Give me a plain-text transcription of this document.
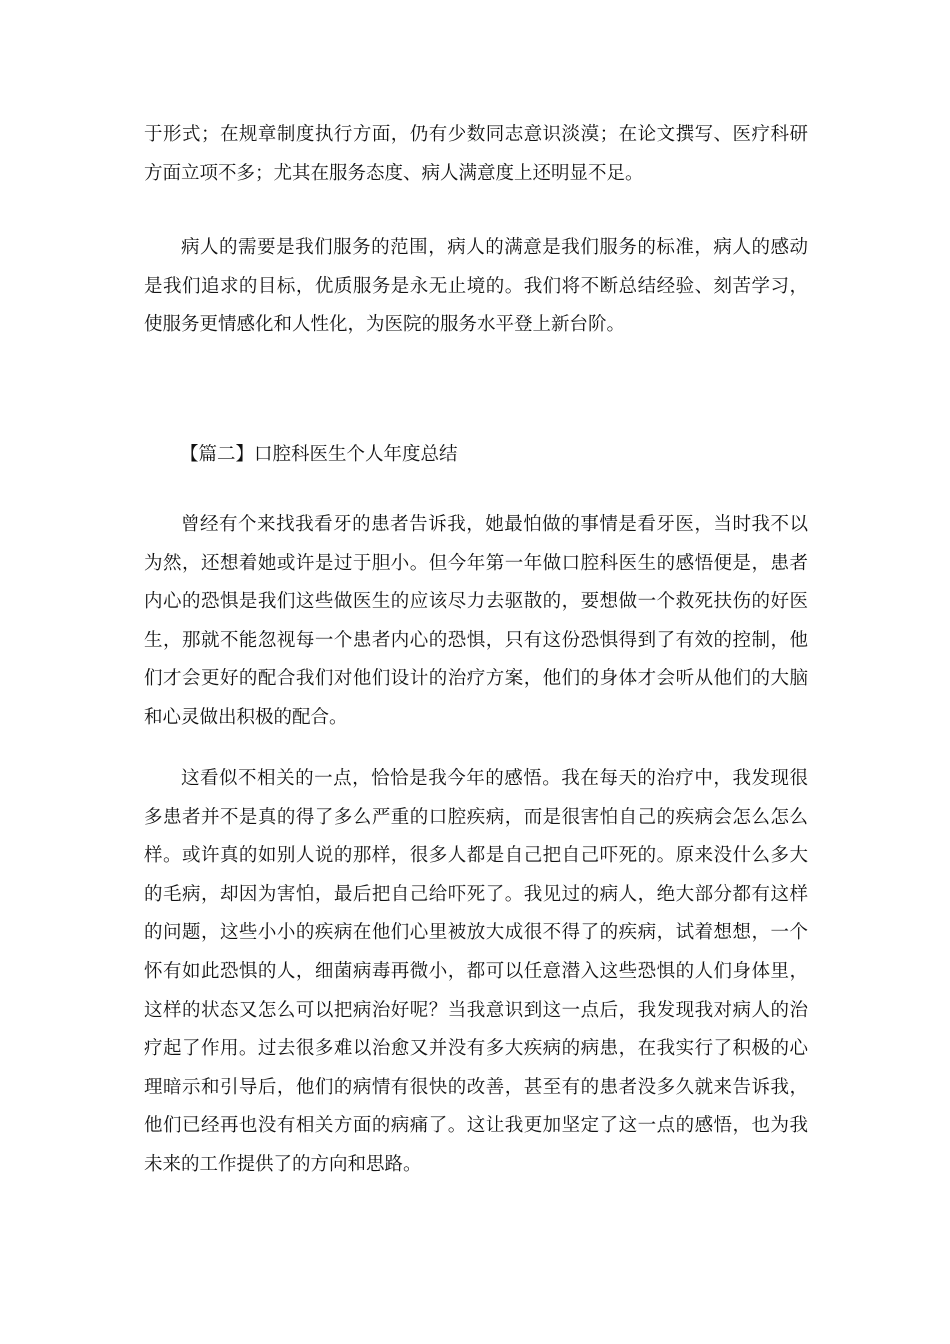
于形式；在规章制度执行方面，仍有少数同志意识淡漠；在论文撰写、医疗科研方面立项不多；尤其在服务态度、病人满意度上还明显不足。

病人的需要是我们服务的范围，病人的满意是我们服务的标准，病人的感动是我们追求的目标，优质服务是永无止境的。我们将不断总结经验、刻苦学习，使服务更情感化和人性化，为医院的服务水平登上新台阶。

【篇二】口腔科医生个人年度总结

曾经有个来找我看牙的患者告诉我，她最怕做的事情是看牙医，当时我不以为然，还想着她或许是过于胆小。但今年第一年做口腔科医生的感悟便是，患者内心的恐惧是我们这些做医生的应该尽力去驱散的，要想做一个救死扶伤的好医生，那就不能忽视每一个患者内心的恐惧，只有这份恐惧得到了有效的控制，他们才会更好的配合我们对他们设计的治疗方案，他们的身体才会听从他们的大脑和心灵做出积极的配合。

这看似不相关的一点，恰恰是我今年的感悟。我在每天的治疗中，我发现很多患者并不是真的得了多么严重的口腔疾病，而是很害怕自己的疾病会怎么怎么样。或许真的如别人说的那样，很多人都是自己把自己吓死的。原来没什么多大的毛病，却因为害怕，最后把自己给吓死了。我见过的病人，绝大部分都有这样的问题，这些小小的疾病在他们心里被放大成很不得了的疾病，试着想想，一个怀有如此恐惧的人，细菌病毒再微小，都可以任意潜入这些恐惧的人们身体里，这样的状态又怎么可以把病治好呢？当我意识到这一点后，我发现我对病人的治疗起了作用。过去很多难以治愈又并没有多大疾病的病患，在我实行了积极的心理暗示和引导后，他们的病情有很快的改善，甚至有的患者没多久就来告诉我，他们已经再也没有相关方面的病痛了。这让我更加坚定了这一点的感悟，也为我未来的工作提供了的方向和思路。
